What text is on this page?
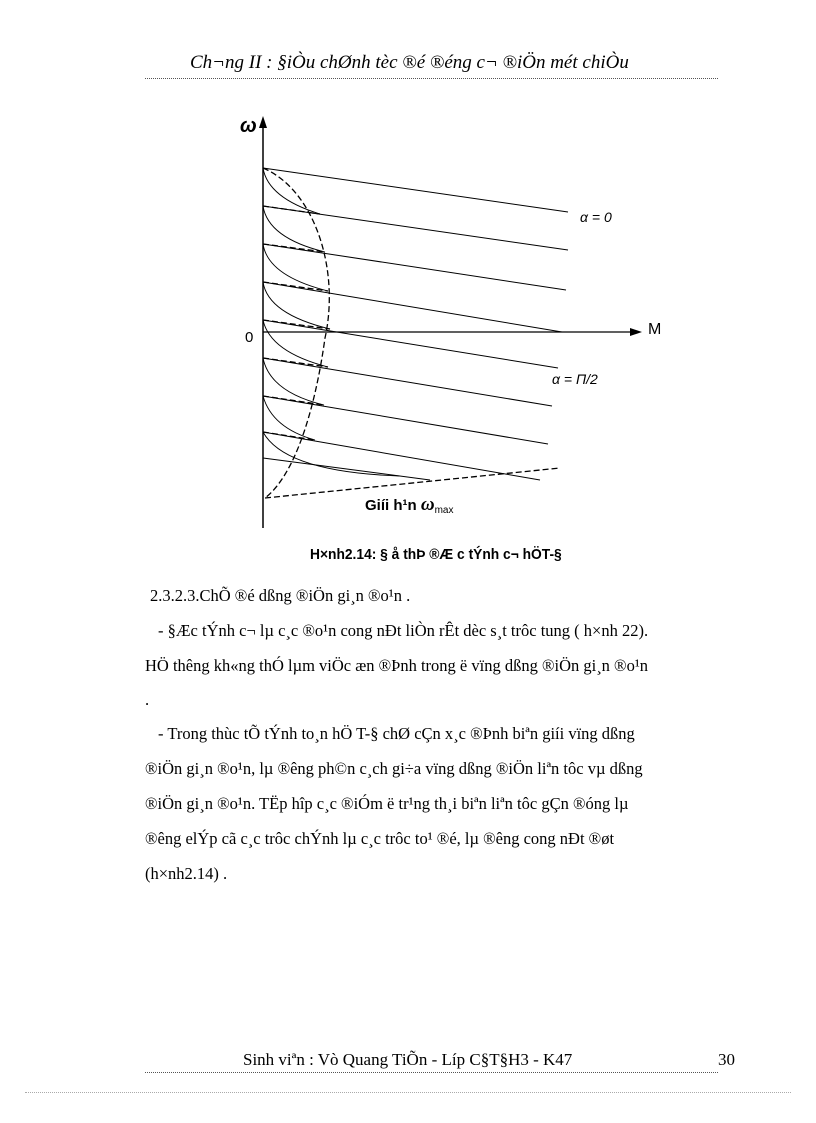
Ch¬ng II : §iÒu chØnh tèc ®é ®éng c¬ ®iÖn mét chiÒu
ω
0	M
α = 0
α = Π/2
Giíi h¹n $\omega_{max}$
H×nh2.14: § å thÞ ®Æ c tÝnh c¬ hÖT-§
2.3.2.3.ChÕ ®é dßng ®iÖn gi¸n ®o¹n .
- §Æc tÝnh c¬ lµ c¸c ®o¹n cong nÐt liÒn rÊt dèc s¸t trôc tung ( h×nh 22).
HÖ thêng kh«ng thÓ lµm viÖc æn ®Þnh trong ë vïng dßng ®iÖn gi¸n ®o¹n
.
- Trong thùc tÕ tÝnh to¸n hÖ T-§ chØ cÇn x¸c ®Þnh biªn giíi vïng dßng
®iÖn gi¸n ®o¹n, lµ ®êng ph©n c¸ch gi÷a vïng dßng ®iÖn liªn tôc vµ dßng
®iÖn gi¸n ®o¹n. TËp hîp c¸c ®iÓm ë tr¹ng th¸i biªn liªn tôc gÇn ®óng lµ
®êng elÝp cã c¸c trôc chÝnh lµ c¸c trôc to¹ ®é, lµ ®êng cong nÐt ®øt
(h×nh2.14) .
Sinh viªn : Vò Quang TiÕn - Líp C§T§H3 - K47	30
